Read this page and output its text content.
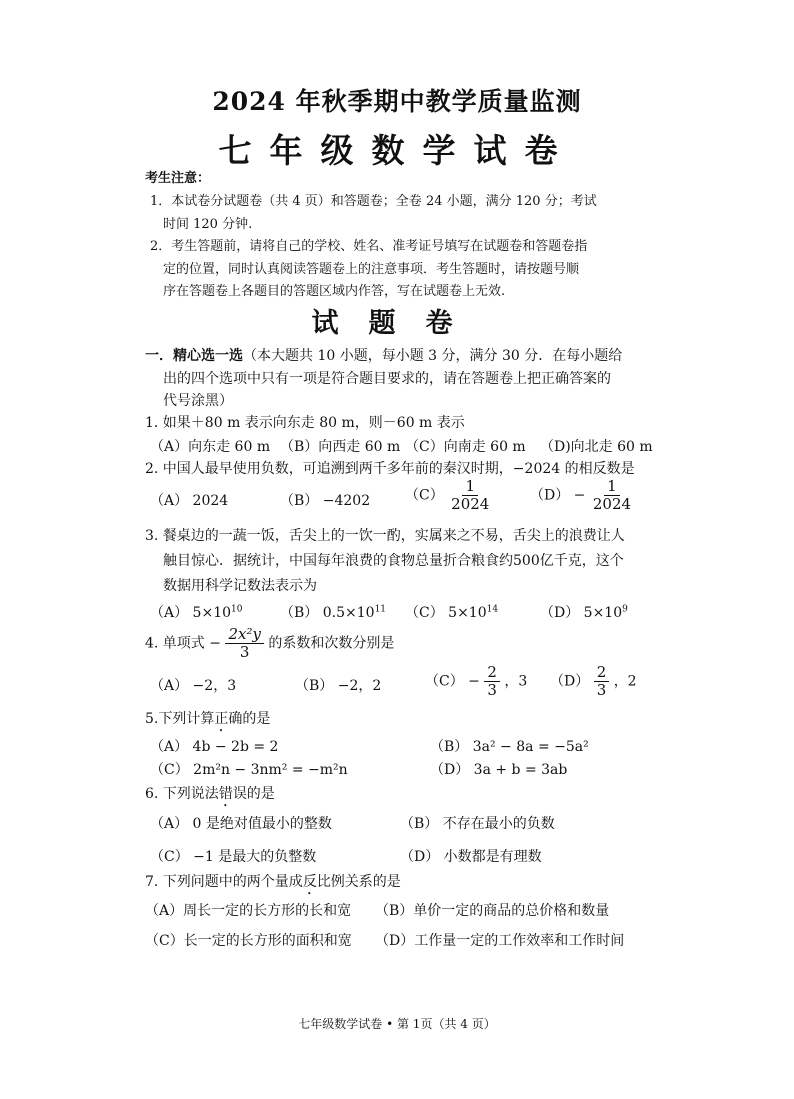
2024 年秋季期中教学质量监测
七年级数学试卷
考生注意：
1．本试卷分试题卷（共 4 页）和答题卷；全卷 24 小题，满分 120 分；考试
时间 120 分钟.
2．考生答题前，请将自己的学校、姓名、准考证号填写在试题卷和答题卷指
定的位置，同时认真阅读答题卷上的注意事项．考生答题时，请按题号顺
序在答题卷上各题目的答题区域内作答，写在试题卷上无效.
试题卷
一．精心选一选（本大题共 10 小题，每小题 3 分，满分 30 分．在每小题给
出的四个选项中只有一项是符合题目要求的，请在答题卷上把正确答案的
代号涂黑）
1. 如果＋80 m 表示向东走 80 m，则－60 m 表示
（A）向东走 60 m （B）向西走 60 m （C）向南走 60 m （D)向北走 60 m
2. 中国人最早使用负数，可追溯到两千多年前的秦汉时期，−2024 的相反数是
（A） 2024	（B） −4202 $(C) \frac{1}{2024}$	$(D) - \frac{1}{2024}$
3. 餐桌边的一蔬一饭，舌尖上的一饮一酌，实属来之不易，舌尖上的浪费让人
触目惊心．据统计，中国每年浪费的食物总量折合粮食约500亿千克，这个
数据用科学记数法表示为
（A） $5\times 10^{10}$	（B） $0.5\times 10^{11}$ （C） $5\times 10^{14}$	（D） $5\times 10^9$
4. 单项式 − $\frac{\text{2x²y}}{3}$ 的系数和次数分别是
（A） −2，3	（B） −2，2	$(C) - \frac{2}{3}$ ，3 $(D) \frac{2}{3}$ ，2
5.下列计算正确的是
（A） 4b − 2b = 2	（B） 3a² − 8a = −5a²
（C） 2m²n − 3nm² = −m²n	（D） 3a + b = 3ab
6. 下列说法错误的是
（A） 0 是绝对值最小的整数	（B） 不存在最小的负数
（C） −1 是最大的负整数	（D） 小数都是有理数
7. 下列问题中的两个量成反比例关系的是
（A）周长一定的长方形的长和宽 （B）单价一定的商品的总价格和数量
（C）长一定的长方形的面积和宽 （D）工作量一定的工作效率和工作时间
七年级数学试卷 • 第 1页（共 4 页）
